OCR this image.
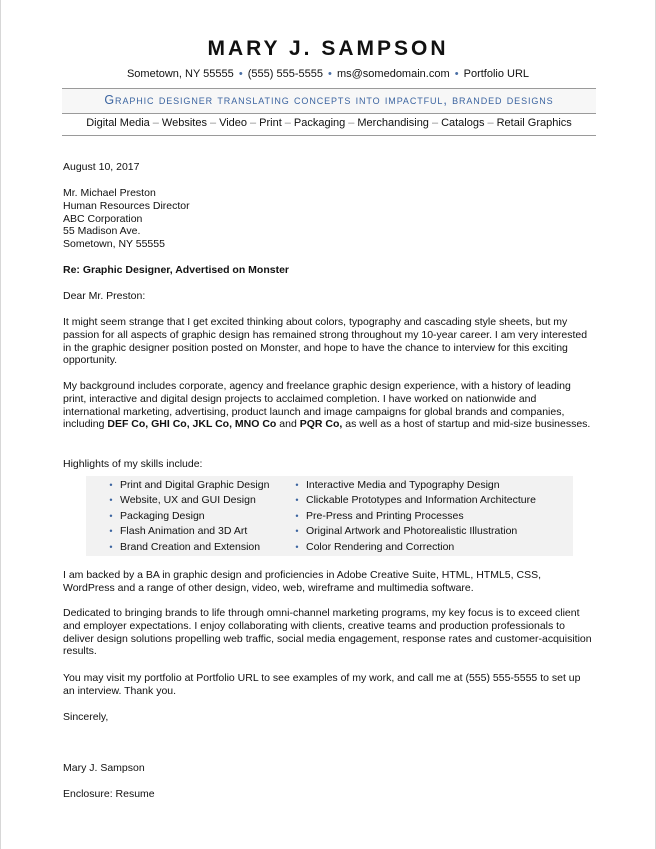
MARY J. SAMPSON
Sometown, NY 55555 • (555) 555-5555 • ms@somedomain.com • Portfolio URL
Graphic designer translating concepts into impactful, branded designs
Digital Media – Websites – Video – Print – Packaging – Merchandising – Catalogs – Retail Graphics
August 10, 2017

Mr. Michael Preston

Human Resources Director

ABC Corporation

55 Madison Ave.

Sometown, NY 55555

Re: Graphic Designer, Advertised on Monster
Dear Mr. Preston:
It might seem strange that I get excited thinking about colors, typography and cascading style sheets, but my passion for all aspects of graphic design has remained strong throughout my 10-year career. I am very interested in the graphic designer position posted on Monster, and hope to have the chance to interview for this exciting opportunity.
My background includes corporate, agency and freelance graphic design experience, with a history of leading print, interactive and digital design projects to acclaimed completion. I have worked on nationwide and international marketing, advertising, product launch and image campaigns for global brands and companies, including DEF Co, GHI Co, JKL Co, MNO Co and PQR Co, as well as a host of startup and mid-size businesses.
Highlights of my skills include:
• Print and Digital Graphic Design
• Website, UX and GUI Design
• Packaging Design
• Flash Animation and 3D Art
• Brand Creation and Extension
• Interactive Media and Typography Design
• Clickable Prototypes and Information Architecture
• Pre-Press and Printing Processes
• Original Artwork and Photorealistic Illustration
• Color Rendering and Correction
I am backed by a BA in graphic design and proficiencies in Adobe Creative Suite, HTML, HTML5, CSS, WordPress and a range of other design, video, web, wireframe and multimedia software.
Dedicated to bringing brands to life through omni-channel marketing programs, my key focus is to exceed client and employer expectations. I enjoy collaborating with clients, creative teams and production professionals to deliver design solutions propelling web traffic, social media engagement, response rates and customer-acquisition results.
You may visit my portfolio at Portfolio URL to see examples of my work, and call me at (555) 555-5555 to set up an interview. Thank you.
Sincerely,
Mary J. Sampson
Enclosure: Resume
